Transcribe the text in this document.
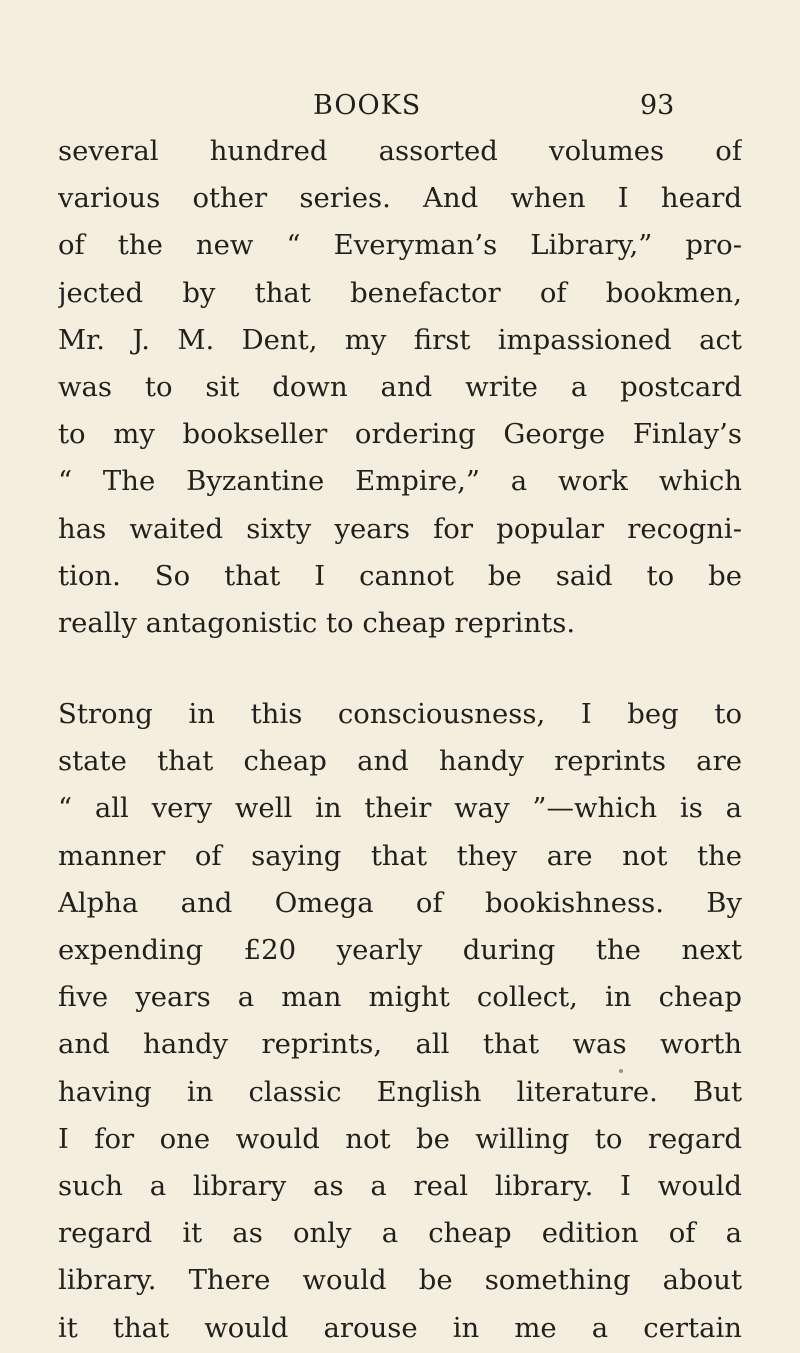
BOOKS	93
several hundred assorted volumes of
various other series. And when I heard
of the new “ Everyman’s Library,” pro-
jected by that benefactor of bookmen,
Mr. J. M. Dent, my first impassioned act
was to sit down and write a postcard
to my bookseller ordering George Finlay’s
“ The Byzantine Empire,” a work which
has waited sixty years for popular recogni-
tion. So that I cannot be said to be
really antagonistic to cheap reprints.
Strong in this consciousness, I beg to
state that cheap and handy reprints are
“ all very well in their way ”—which is a
manner of saying that they are not the
Alpha and Omega of bookishness. By
expending £20 yearly during the next
five years a man might collect, in cheap
and handy reprints, all that was worth
having in classic English literature. But
I for one would not be willing to regard
such a library as a real library. I would
regard it as only a cheap edition of a
library. There would be something about
it that would arouse in me a certain
